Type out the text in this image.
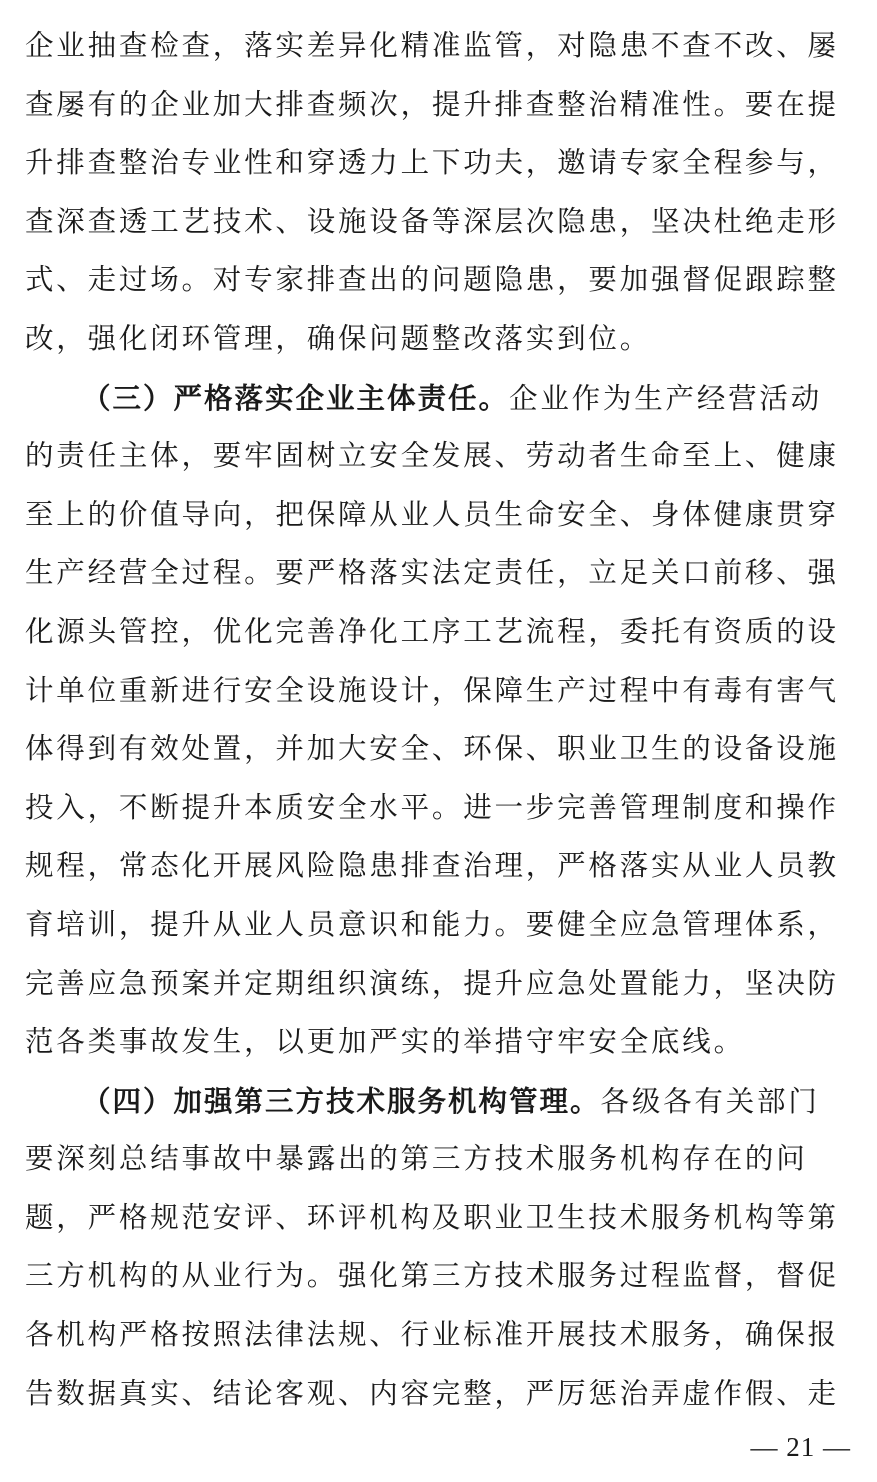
企业抽查检查，落实差异化精准监管，对隐患不查不改、屡
查屡有的企业加大排查频次，提升排查整治精准性。要在提
升排查整治专业性和穿透力上下功夫，邀请专家全程参与，
查深查透工艺技术、设施设备等深层次隐患，坚决杜绝走形
式、走过场。对专家排查出的问题隐患，要加强督促跟踪整
改，强化闭环管理，确保问题整改落实到位。
（三）严格落实企业主体责任。企业作为生产经营活动
的责任主体，要牢固树立安全发展、劳动者生命至上、健康
至上的价值导向，把保障从业人员生命安全、身体健康贯穿
生产经营全过程。要严格落实法定责任，立足关口前移、强
化源头管控，优化完善净化工序工艺流程，委托有资质的设
计单位重新进行安全设施设计，保障生产过程中有毒有害气
体得到有效处置，并加大安全、环保、职业卫生的设备设施
投入，不断提升本质安全水平。进一步完善管理制度和操作
规程，常态化开展风险隐患排查治理，严格落实从业人员教
育培训，提升从业人员意识和能力。要健全应急管理体系，
完善应急预案并定期组织演练，提升应急处置能力，坚决防
范各类事故发生，以更加严实的举措守牢安全底线。
（四）加强第三方技术服务机构管理。各级各有关部门
要深刻总结事故中暴露出的第三方技术服务机构存在的问
题，严格规范安评、环评机构及职业卫生技术服务机构等第
三方机构的从业行为。强化第三方技术服务过程监督，督促
各机构严格按照法律法规、行业标准开展技术服务，确保报
告数据真实、结论客观、内容完整，严厉惩治弄虚作假、走
— 21 —
